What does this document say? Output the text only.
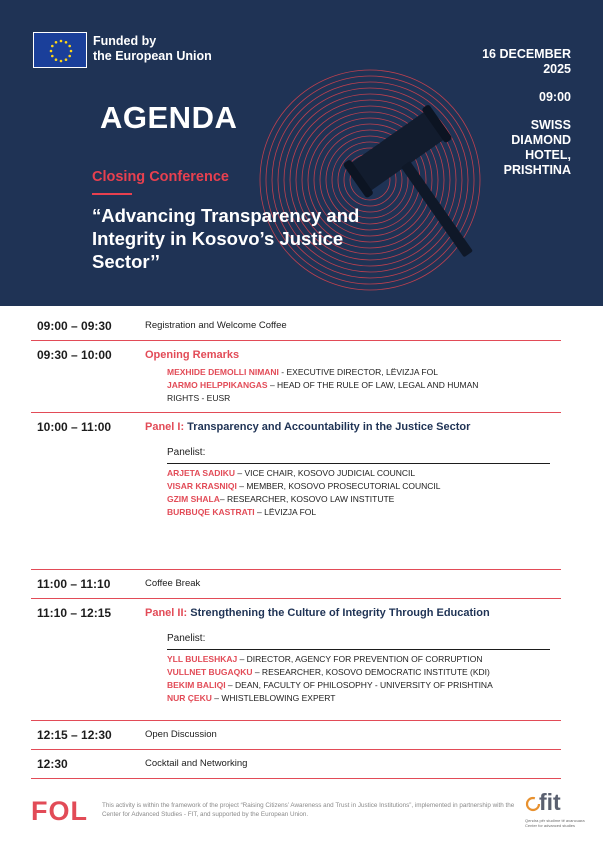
Funded by
the European Union
AGENDA
Closing Conference
“Advancing Transparency and Integrity in Kosovo’s Justice Sector’’
16 DECEMBER 2025
09:00
SWISS DIAMOND HOTEL, PRISHTINA
09:00 – 09:30	Registration and Welcome Coffee
09:30 – 10:00	Opening Remarks
MEXHIDE DEMOLLI NIMANI - EXECUTIVE DIRECTOR, LËVIZJA FOL
JARMO HELPPIKANGAS – HEAD OF THE RULE OF LAW, LEGAL AND HUMAN RIGHTS - EUSR
10:00 – 11:00	Panel I: Transparency and Accountability in the Justice Sector
Panelist:
ARJETA SADIKU – VICE CHAIR, KOSOVO JUDICIAL COUNCIL
VISAR KRASNIQI – MEMBER, KOSOVO PROSECUTORIAL COUNCIL
GZIM SHALA– RESEARCHER, KOSOVO LAW INSTITUTE
BURBUQE KASTRATI – LËVIZJA FOL
11:00 – 11:10	Coffee Break
11:10 – 12:15	Panel II: Strengthening the Culture of Integrity Through Education
Panelist:
YLL BULESHKAJ – DIRECTOR, AGENCY FOR PREVENTION OF CORRUPTION
VULLNET BUGAQKU – RESEARCHER, KOSOVO DEMOCRATIC INSTITUTE (KDI)
BEKIM BALIQI – DEAN, FACULTY OF PHILOSOPHY - UNIVERSITY OF PRISHTINA
NUR ÇEKU – WHISTLEBLOWING EXPERT
12:15 – 12:30	Open Discussion
12:30	Cocktail and Networking
FOL This activity is within the framework of the project “Raising Citizens’ Awareness and Trust in Justice Institutions”, implemented in partnership with the Center for Advanced Studies - FIT, and supported by the European Union.	fit
Qendra për studime të avancuara Center for advanced studies
